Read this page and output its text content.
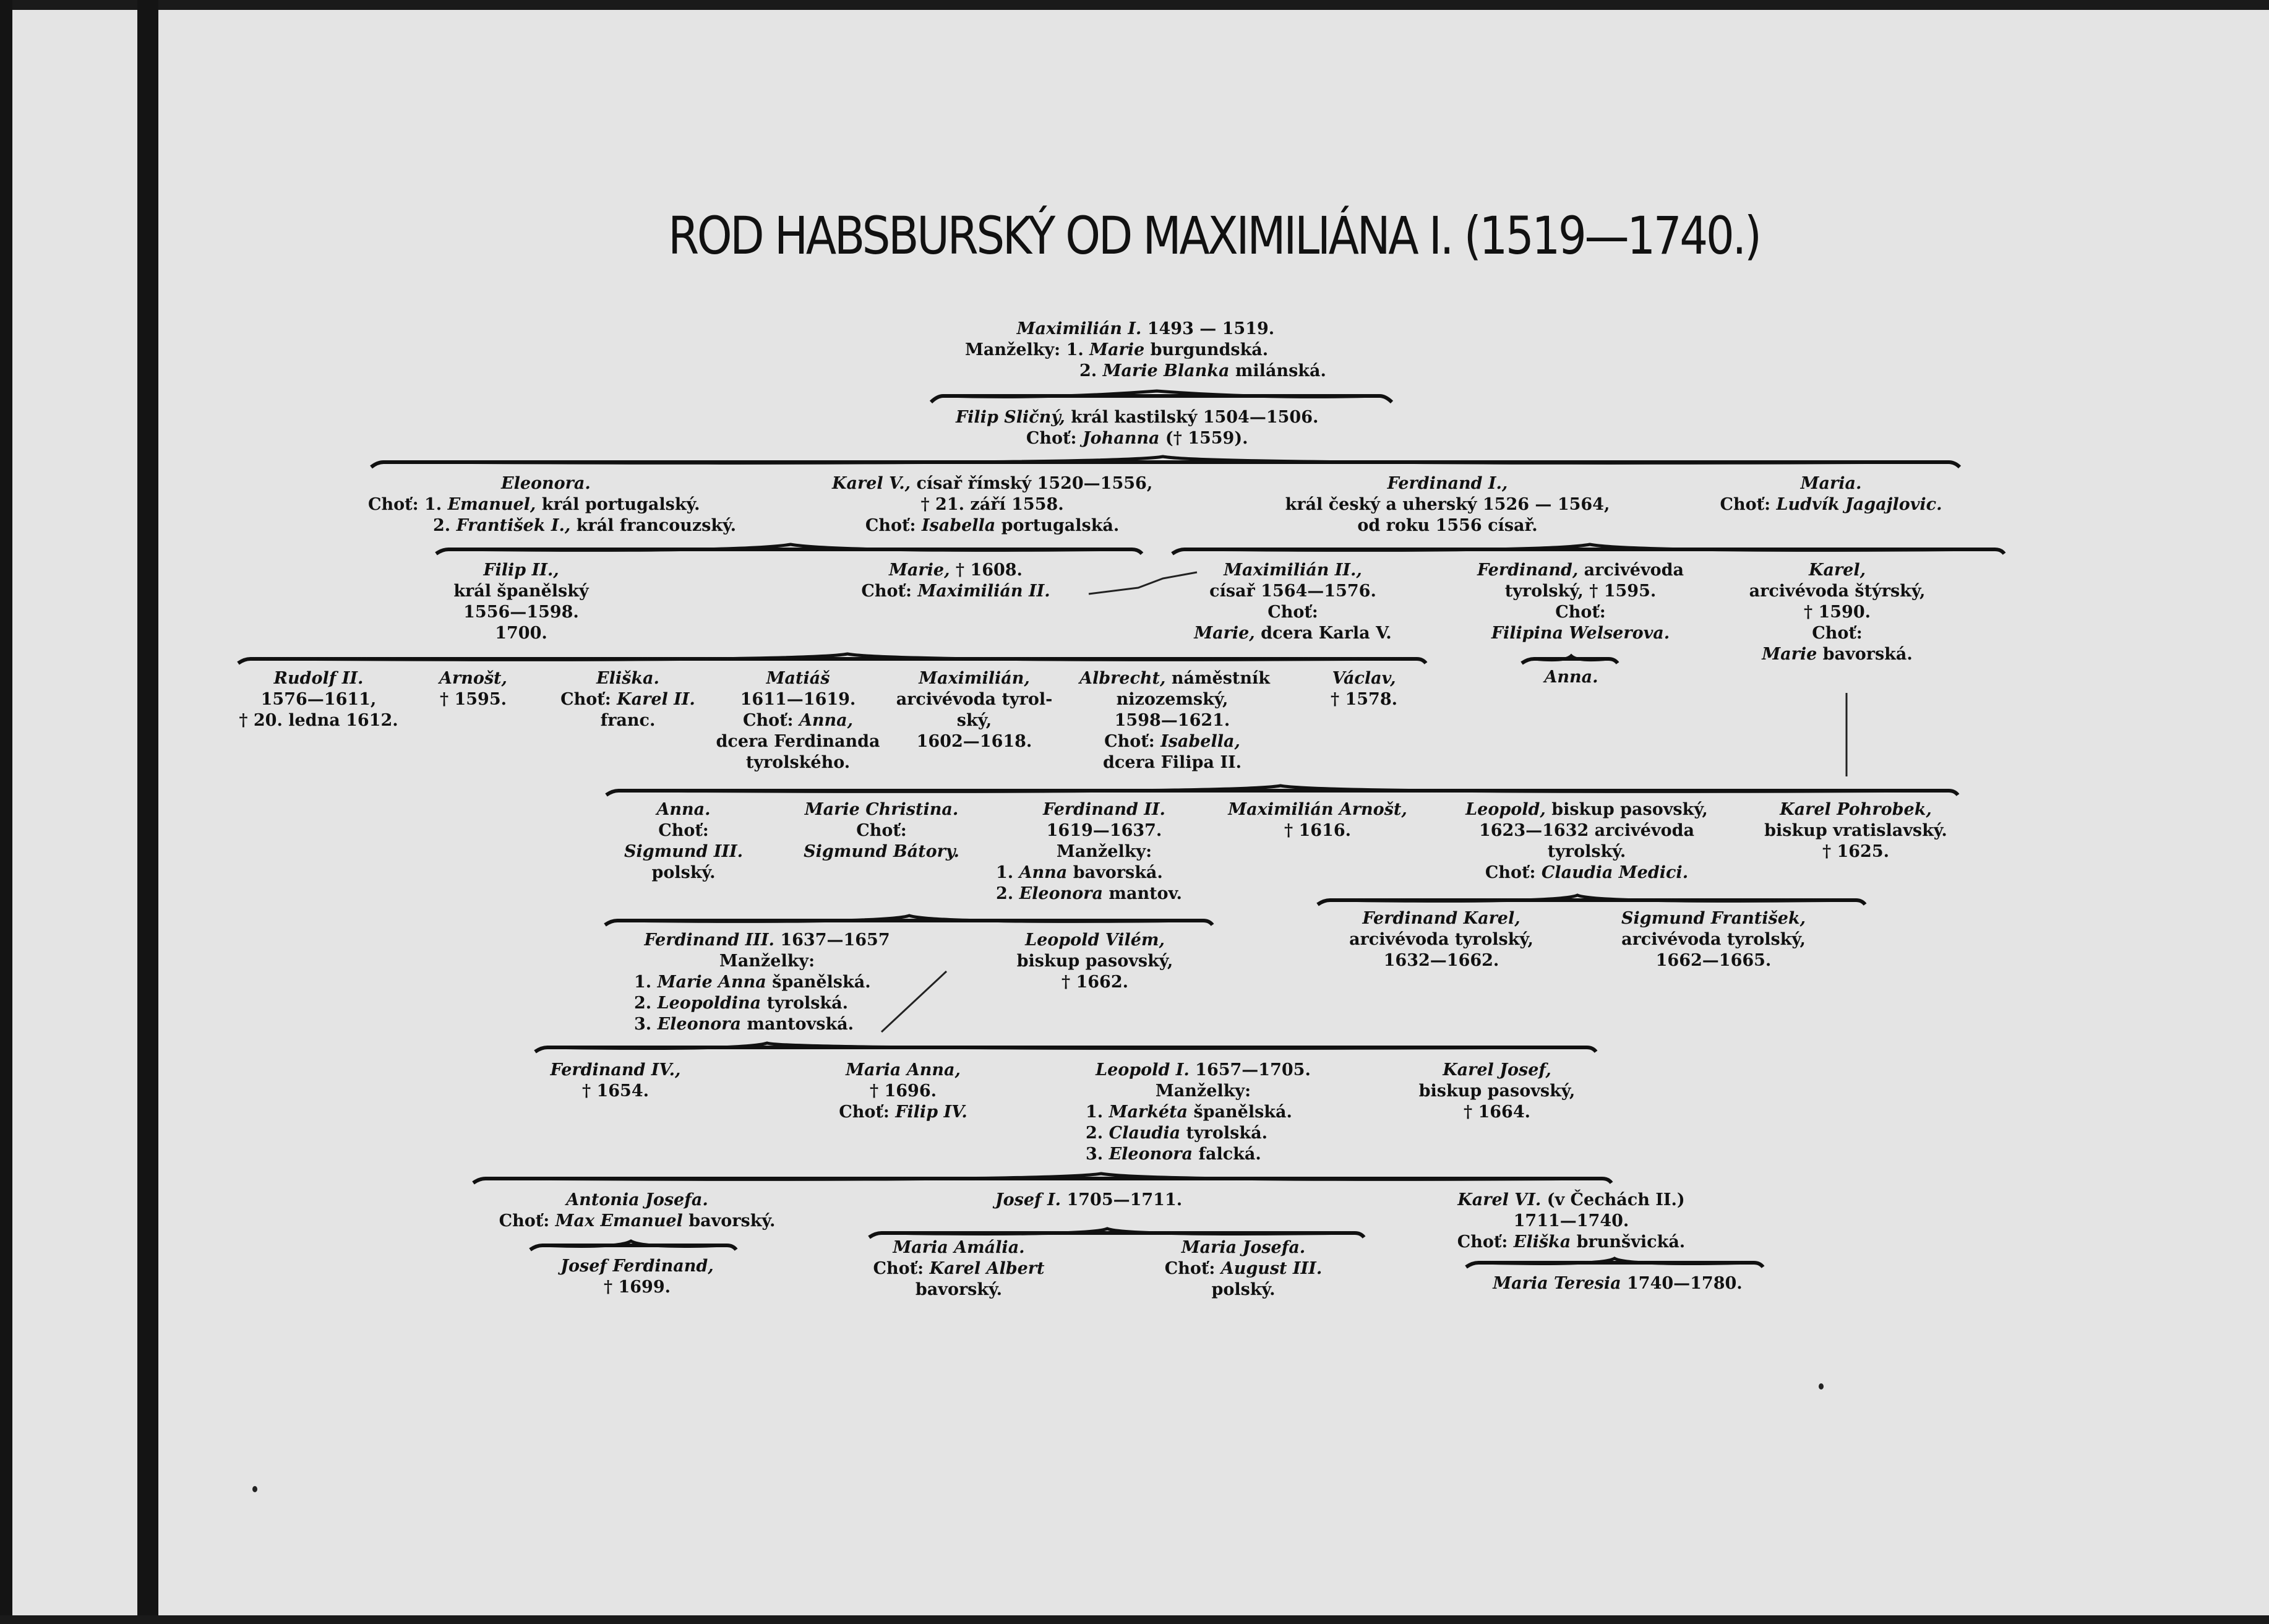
ROD HABSBURSKÝ OD MAXIMILIÁNA I. (1519—1740.)
Maximilián I. 1493 — 1519.
Manželky: 1. Marie burgundská.
2. Marie Blanka milánská.
Filip Sličný, král kastilský 1504—1506.
Choť: Johanna († 1559).
Eleonora.
Choť: 1. Emanuel, král portugalský.
2. František I., král francouzský.
Karel V., císař římský 1520—1556,
† 21. září 1558.
Choť: Isabella portugalská.
Ferdinand I.,
král český a uherský 1526 — 1564,
od roku 1556 císař.
Maria.
Choť: Ludvík Jagajlovic.
Filip II.,
král španělský
1556—1598.
1700.
Marie, † 1608.
Choť: Maximilián II.
Maximilián II.,
císař 1564—1576.
Choť:
Marie, dcera Karla V.
Ferdinand, arcivévoda
tyrolský, † 1595.
Choť:
Filipina Welserova.
Karel,
arcivévoda štýrský,
† 1590.
Choť:
Marie bavorská.
Anna.
Rudolf II.
1576—1611,
† 20. ledna 1612.
Arnošt,
† 1595.
Eliška.
Choť: Karel II.
franc.
Matiáš
1611—1619.
Choť: Anna,
dcera Ferdinanda
tyrolského.
Maximilián,
arcivévoda tyrol-
ský,
1602—1618.
Albrecht, náměstník
nizozemský,
1598—1621.
Choť: Isabella,
dcera Filipa II.
Václav,
† 1578.
Anna.
Choť:
Sigmund III.
polský.
Marie Christina.
Choť:
Sigmund Bátory.
Ferdinand II.
1619—1637.
Manželky:
1. Anna bavorská.
2. Eleonora mantov.
Maximilián Arnošt,
† 1616.
Leopold, biskup pasovský,
1623—1632 arcivévoda
tyrolský.
Choť: Claudia Medici.
Karel Pohrobek,
biskup vratislavský.
† 1625.
Ferdinand III. 1637—1657
Manželky:
1. Marie Anna španělská.
2. Leopoldina tyrolská.
3. Eleonora mantovská.
Leopold Vilém,
biskup pasovský,
† 1662.
Ferdinand Karel,
arcivévoda tyrolský,
1632—1662.
Sigmund František,
arcivévoda tyrolský,
1662—1665.
Ferdinand IV.,
† 1654.
Maria Anna,
† 1696.
Choť: Filip IV.
Leopold I. 1657—1705.
Manželky:
1. Markéta španělská.
2. Claudia tyrolská.
3. Eleonora falcká.
Karel Josef,
biskup pasovský,
† 1664.
Antonia Josefa.
Choť: Max Emanuel bavorský.
Josef I. 1705—1711.	Karel VI. (v Čechách II.)
1711—1740.
Choť: Eliška brunšvická.
Josef Ferdinand,
† 1699.
Maria Amália.
Choť: Karel Albert
bavorský.
Maria Josefa.
Choť: August III.
polský.	Maria Teresia 1740—1780.
